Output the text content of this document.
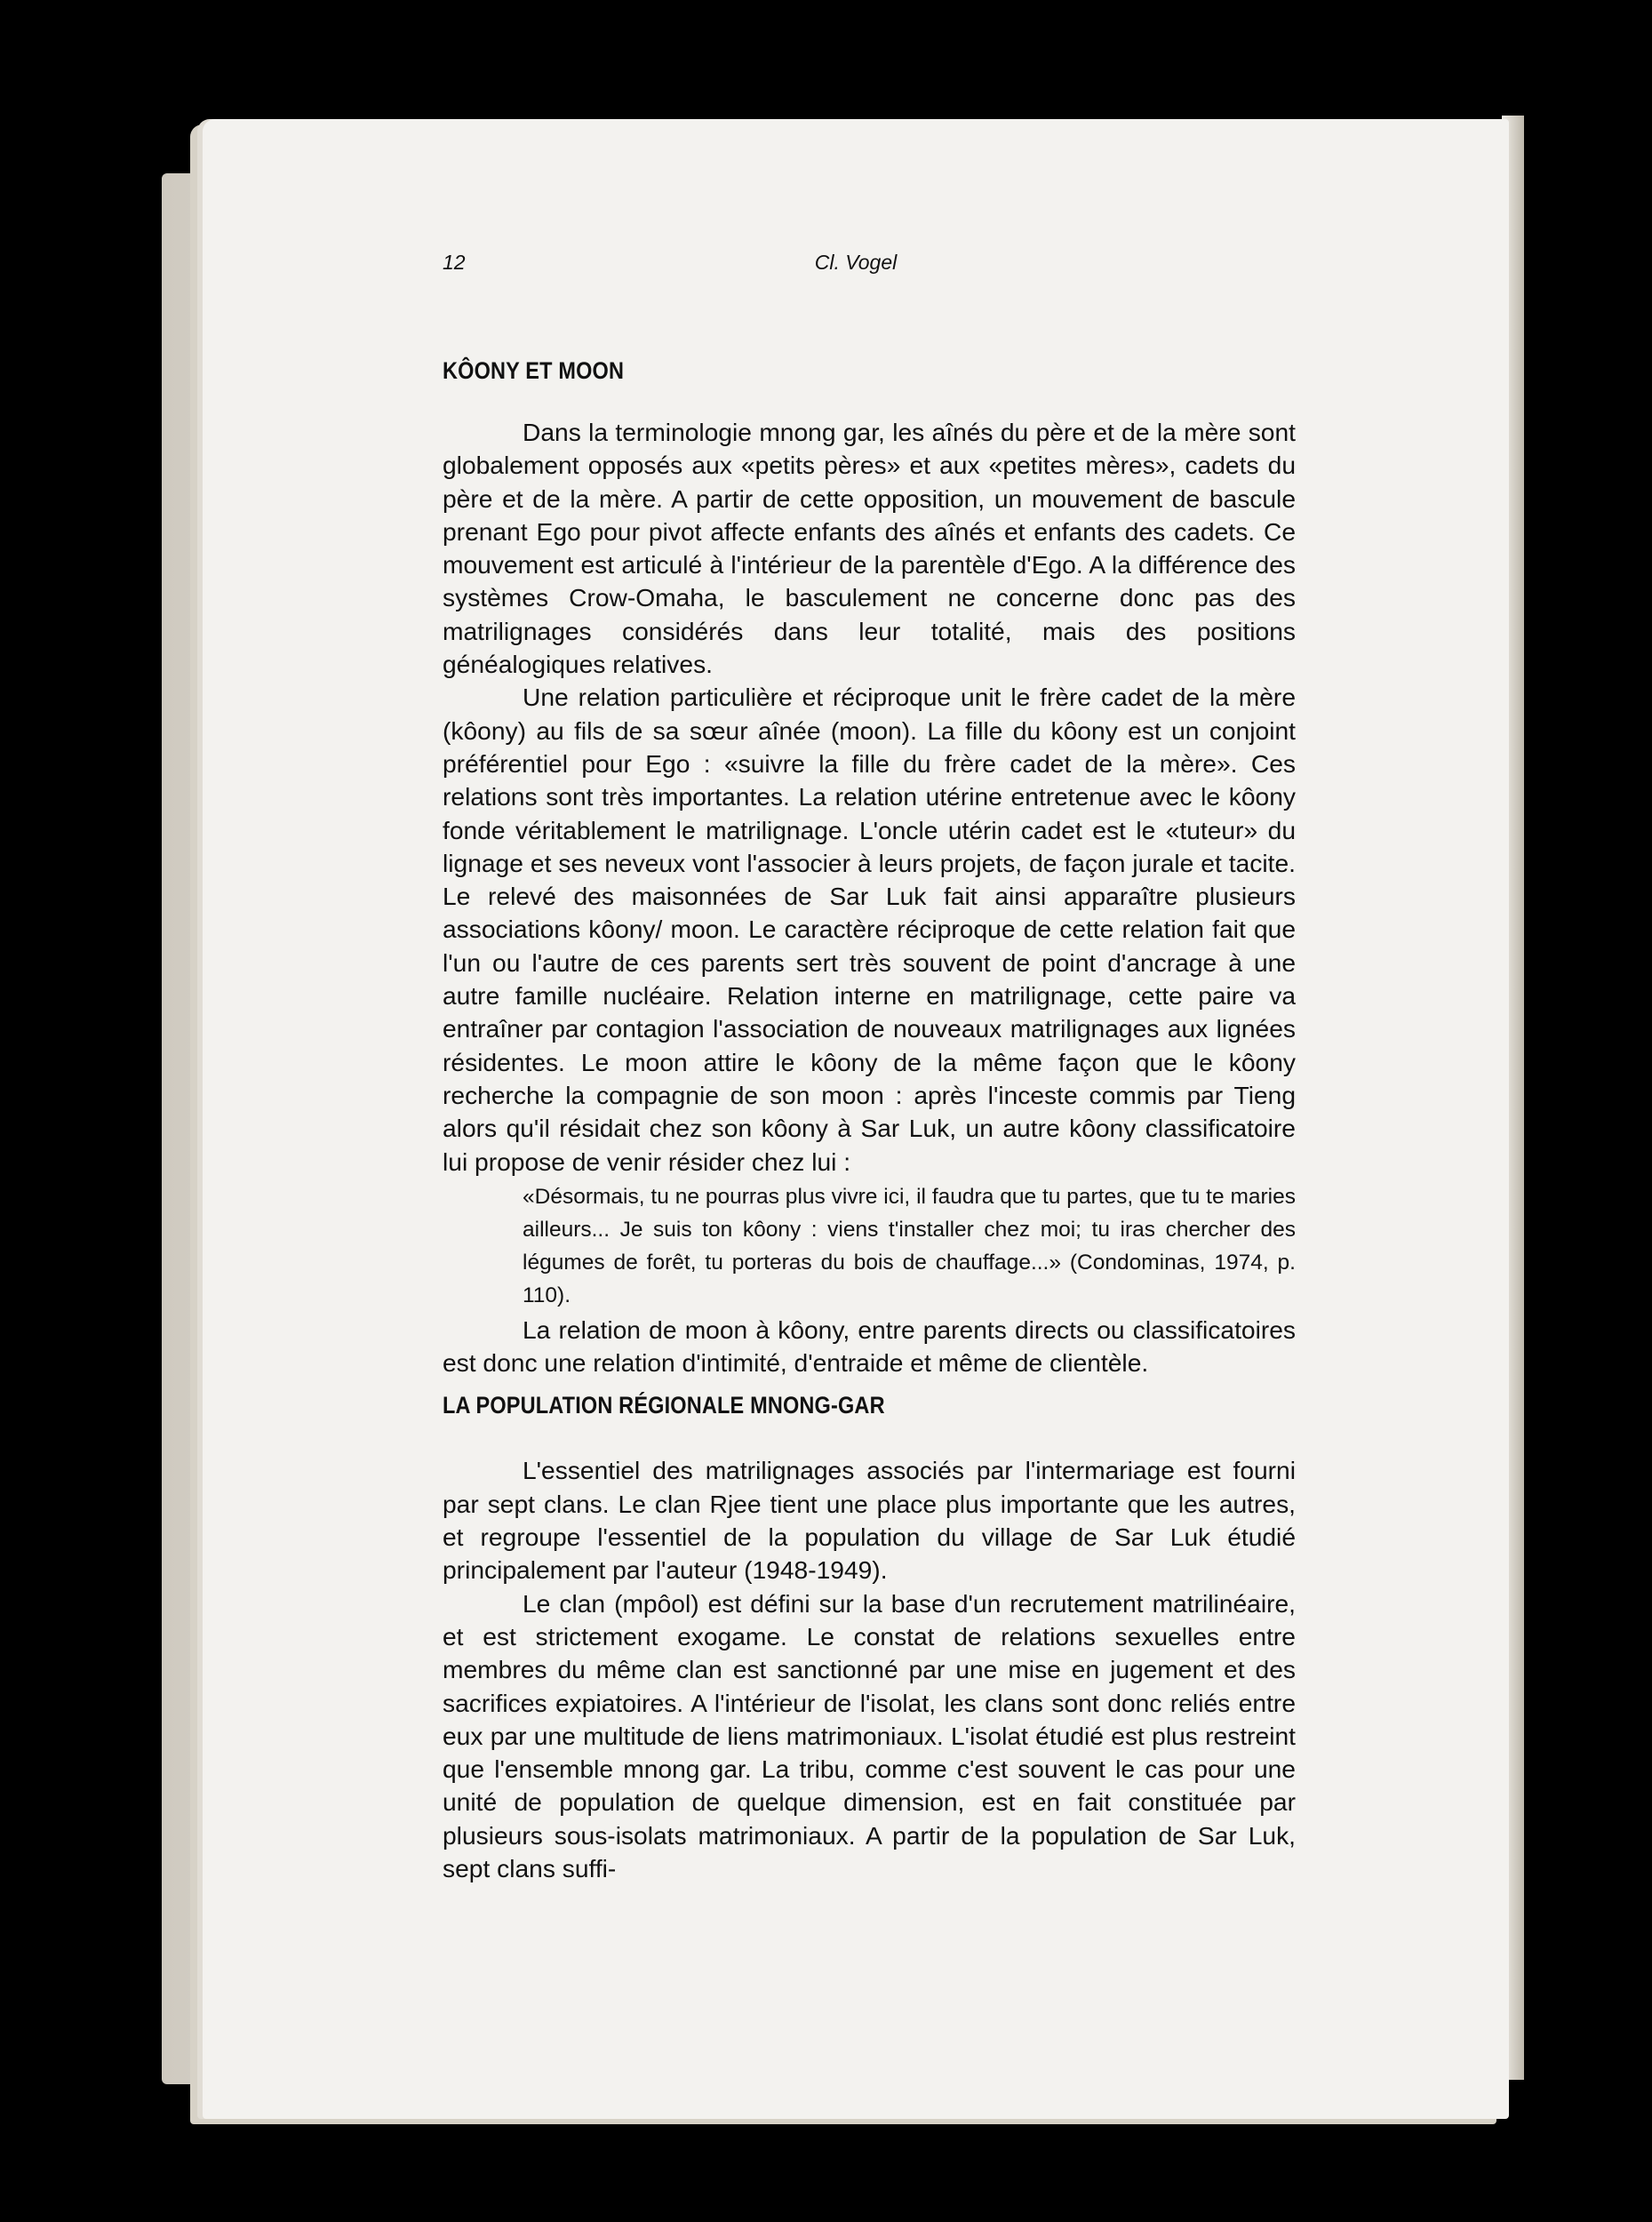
12	Cl. Vogel
KÔONY ET MOON

Dans la terminologie mnong gar, les aînés du père et de la mère sont globalement opposés aux «petits pères» et aux «petites mères», cadets du père et de la mère. A partir de cette opposition, un mouvement de bascule prenant Ego pour pivot affecte enfants des aînés et enfants des cadets. Ce mouvement est articulé à l'intérieur de la parentèle d'Ego. A la différence des systèmes Crow-Omaha, le basculement ne concerne donc pas des matrilignages considérés dans leur totalité, mais des positions généalogiques relatives.

Une relation particulière et réciproque unit le frère cadet de la mère (kôony) au fils de sa sœur aînée (moon). La fille du kôony est un conjoint préférentiel pour Ego : «suivre la fille du frère cadet de la mère». Ces relations sont très importantes. La relation utérine entretenue avec le kôony fonde véritablement le matrilignage. L'oncle utérin cadet est le «tuteur» du lignage et ses neveux vont l'associer à leurs projets, de façon jurale et tacite. Le relevé des maisonnées de Sar Luk fait ainsi apparaître plusieurs associations kôony/ moon. Le caractère réciproque de cette relation fait que l'un ou l'autre de ces parents sert très souvent de point d'ancrage à une autre famille nucléaire. Relation interne en matrilignage, cette paire va entraîner par contagion l'association de nouveaux matrilignages aux lignées résidentes. Le moon attire le kôony de la même façon que le kôony recherche la compagnie de son moon : après l'inceste commis par Tieng alors qu'il résidait chez son kôony à Sar Luk, un autre kôony classificatoire lui propose de venir résider chez lui :

«Désormais, tu ne pourras plus vivre ici, il faudra que tu partes, que tu te maries ailleurs... Je suis ton kôony : viens t'installer chez moi; tu iras chercher des légumes de forêt, tu porteras du bois de chauffage...» (Condominas, 1974, p. 110).

La relation de moon à kôony, entre parents directs ou classificatoires est donc une relation d'intimité, d'entraide et même de clientèle.

LA POPULATION RÉGIONALE MNONG-GAR

L'essentiel des matrilignages associés par l'intermariage est fourni par sept clans. Le clan Rjee tient une place plus importante que les autres, et regroupe l'essentiel de la population du village de Sar Luk étudié principalement par l'auteur (1948-1949).

Le clan (mpôol) est défini sur la base d'un recrutement matrilinéaire, et est strictement exogame. Le constat de relations sexuelles entre membres du même clan est sanctionné par une mise en jugement et des sacrifices expiatoires. A l'intérieur de l'isolat, les clans sont donc reliés entre eux par une multitude de liens matrimoniaux. L'isolat étudié est plus restreint que l'ensemble mnong gar. La tribu, comme c'est souvent le cas pour une unité de population de quelque dimension, est en fait constituée par plusieurs sous-isolats matrimoniaux. A partir de la population de Sar Luk, sept clans suffi-
